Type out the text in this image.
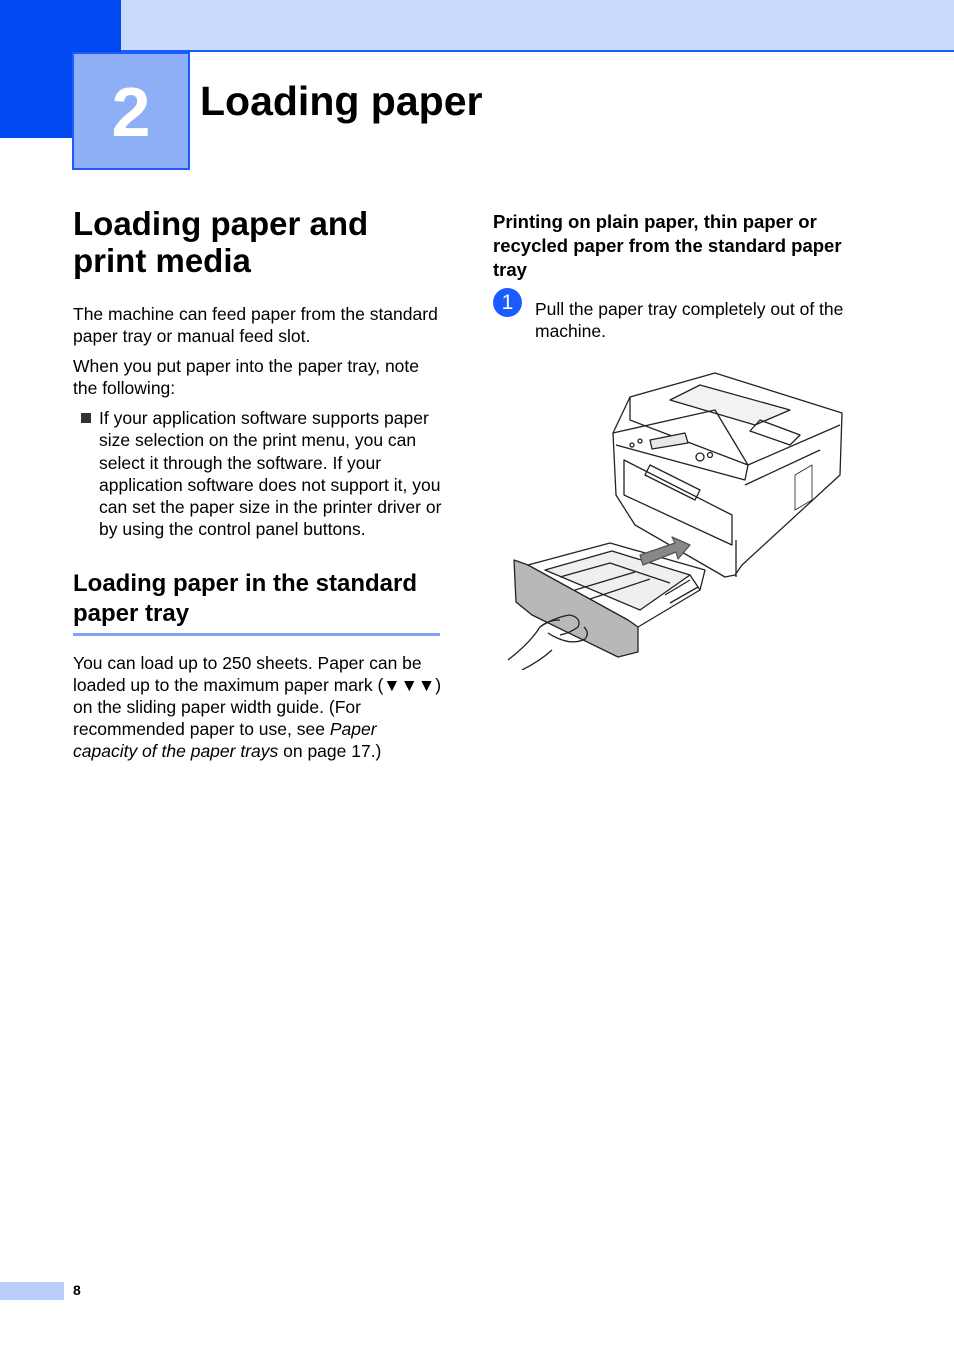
2	Loading paper
Loading paper and print media

The machine can feed paper from the standard paper tray or manual feed slot.

When you put paper into the paper tray, note the following:

If your application software supports paper size selection on the print menu, you can select it through the software. If your application software does not support it, you can set the paper size in the printer driver or by using the control panel buttons.
Loading paper in the standard paper tray

You can load up to 250 sheets. Paper can be loaded up to the maximum paper mark (▼▼▼) on the sliding paper width guide. (For recommended paper to use, see Paper capacity of the paper trays on page 17.)

Printing on plain paper, thin paper or recycled paper from the standard paper tray
1	Pull the paper tray completely out of the machine.
8
